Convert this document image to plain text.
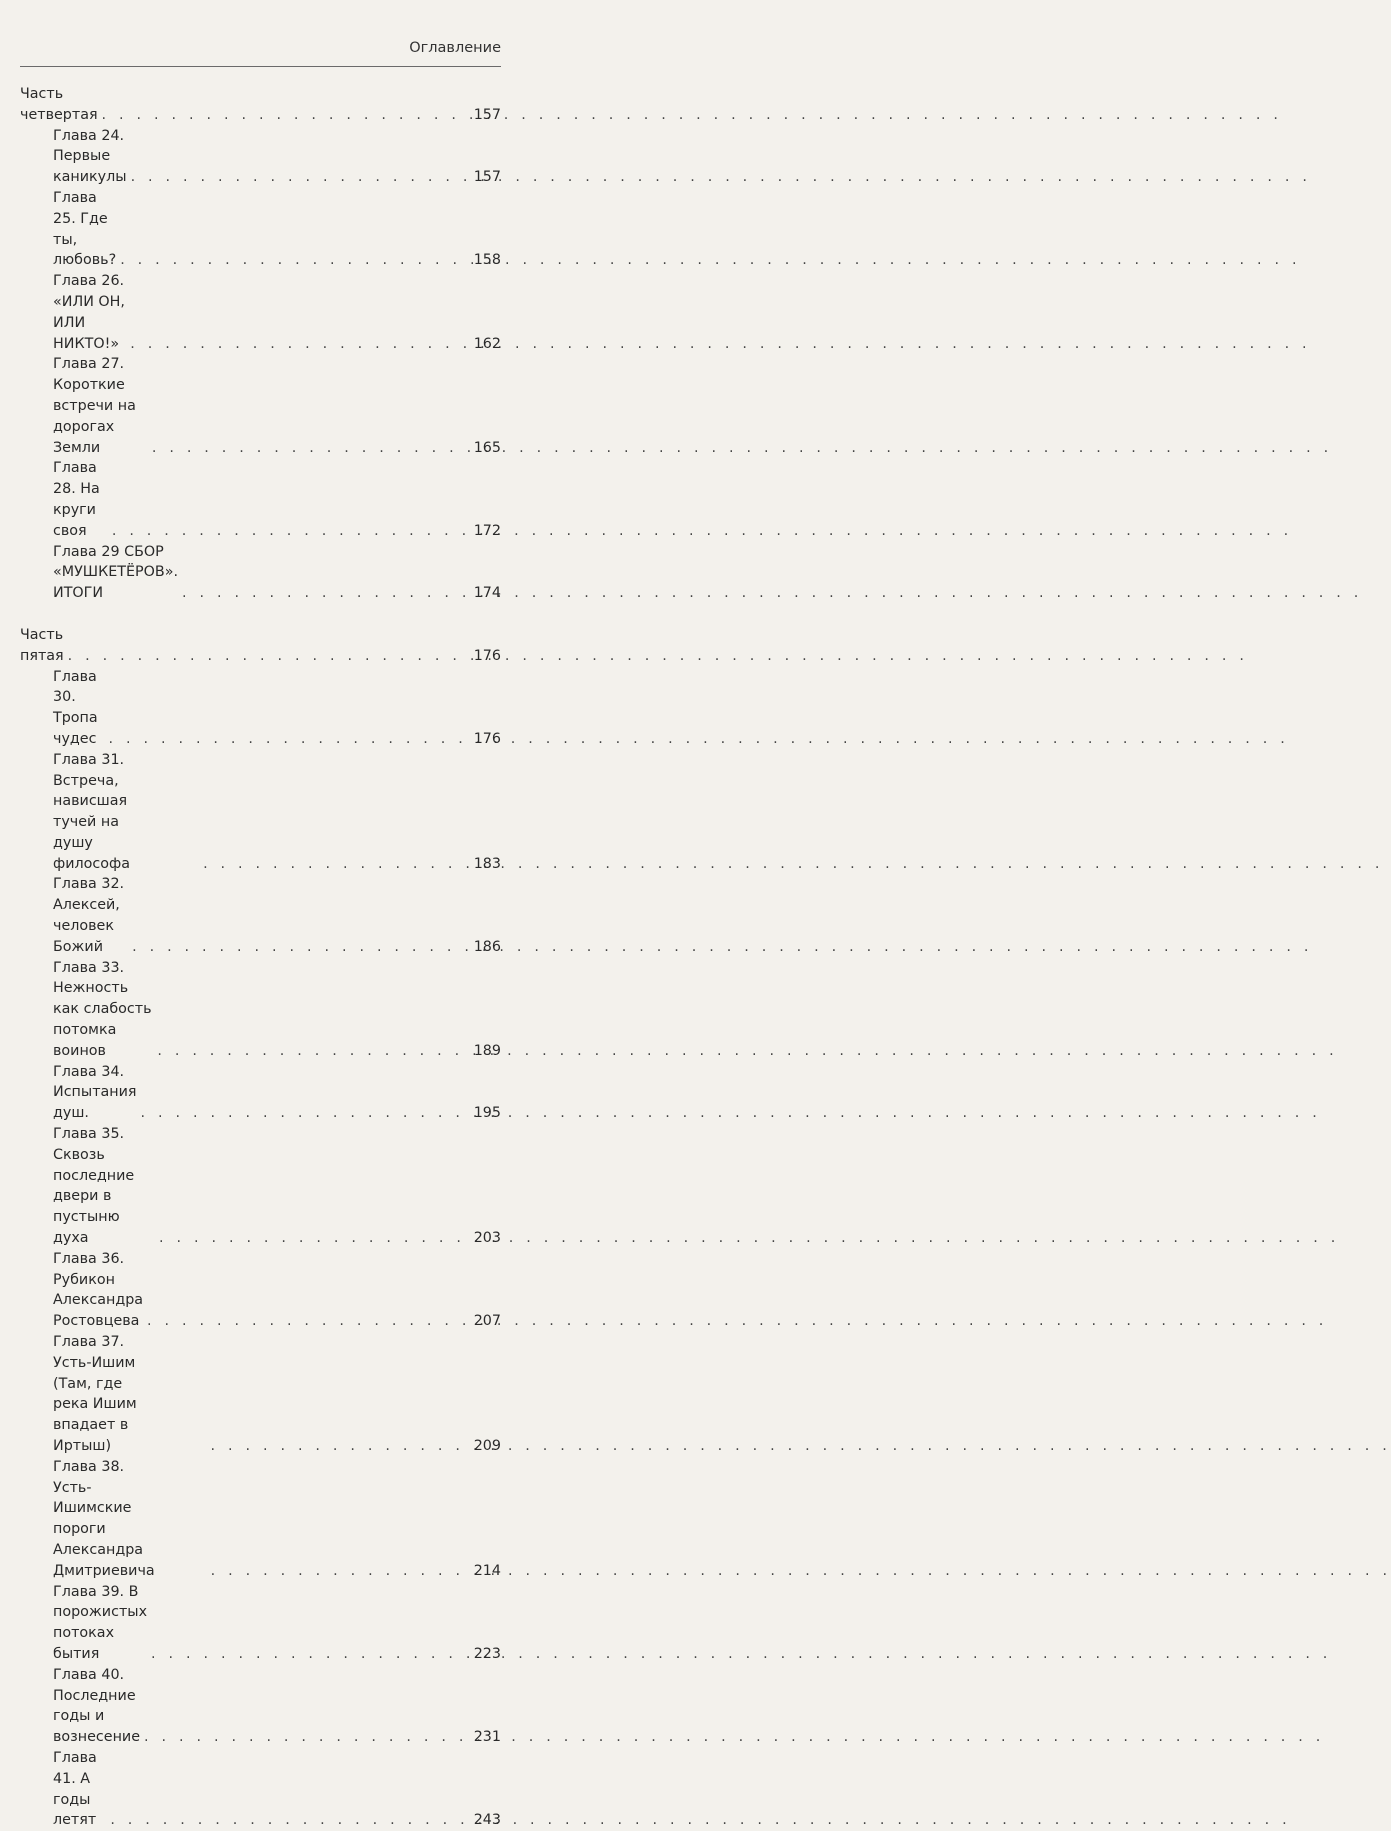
Оглавление
Часть четвертая . . .	157
Глава 24. Первые каникулы . . .	157
Глава 25. Где ты, любовь? . . .	158
Глава 26. «ИЛИ ОН, ИЛИ НИКТО!» . . .	162
Глава 27. Короткие встречи на дорогах Земли . . .	165
Глава 28. На круги своя . . .	172
Глава 29 СБОР «МУШКЕТЁРОВ». ИТОГИ . . .	174
Часть пятая . . .	176
Глава 30. Тропа чудес . . .	176
Глава 31. Встреча, нависшая тучей на душу философа . . .	183
Глава 32. Алексей, человек Божий . . .	186
Глава 33. Нежность как слабость потомка воинов . . .	189
Глава 34. Испытания душ. . . .	195
Глава 35. Сквозь последние двери в пустыню духа . . .	203
Глава 36. Рубикон Александра Ростовцева . . .	207
Глава 37. Усть-Ишим (Там, где река Ишим впадает в Иртыш) . . .	209
Глава 38. Усть-Ишимские пороги Александра Дмитриевича . . .	214
Глава 39. В порожистых потоках бытия . . .	223
Глава 40. Последние годы и вознесение . . .	231
Глава 41. А годы летят . . .	243
